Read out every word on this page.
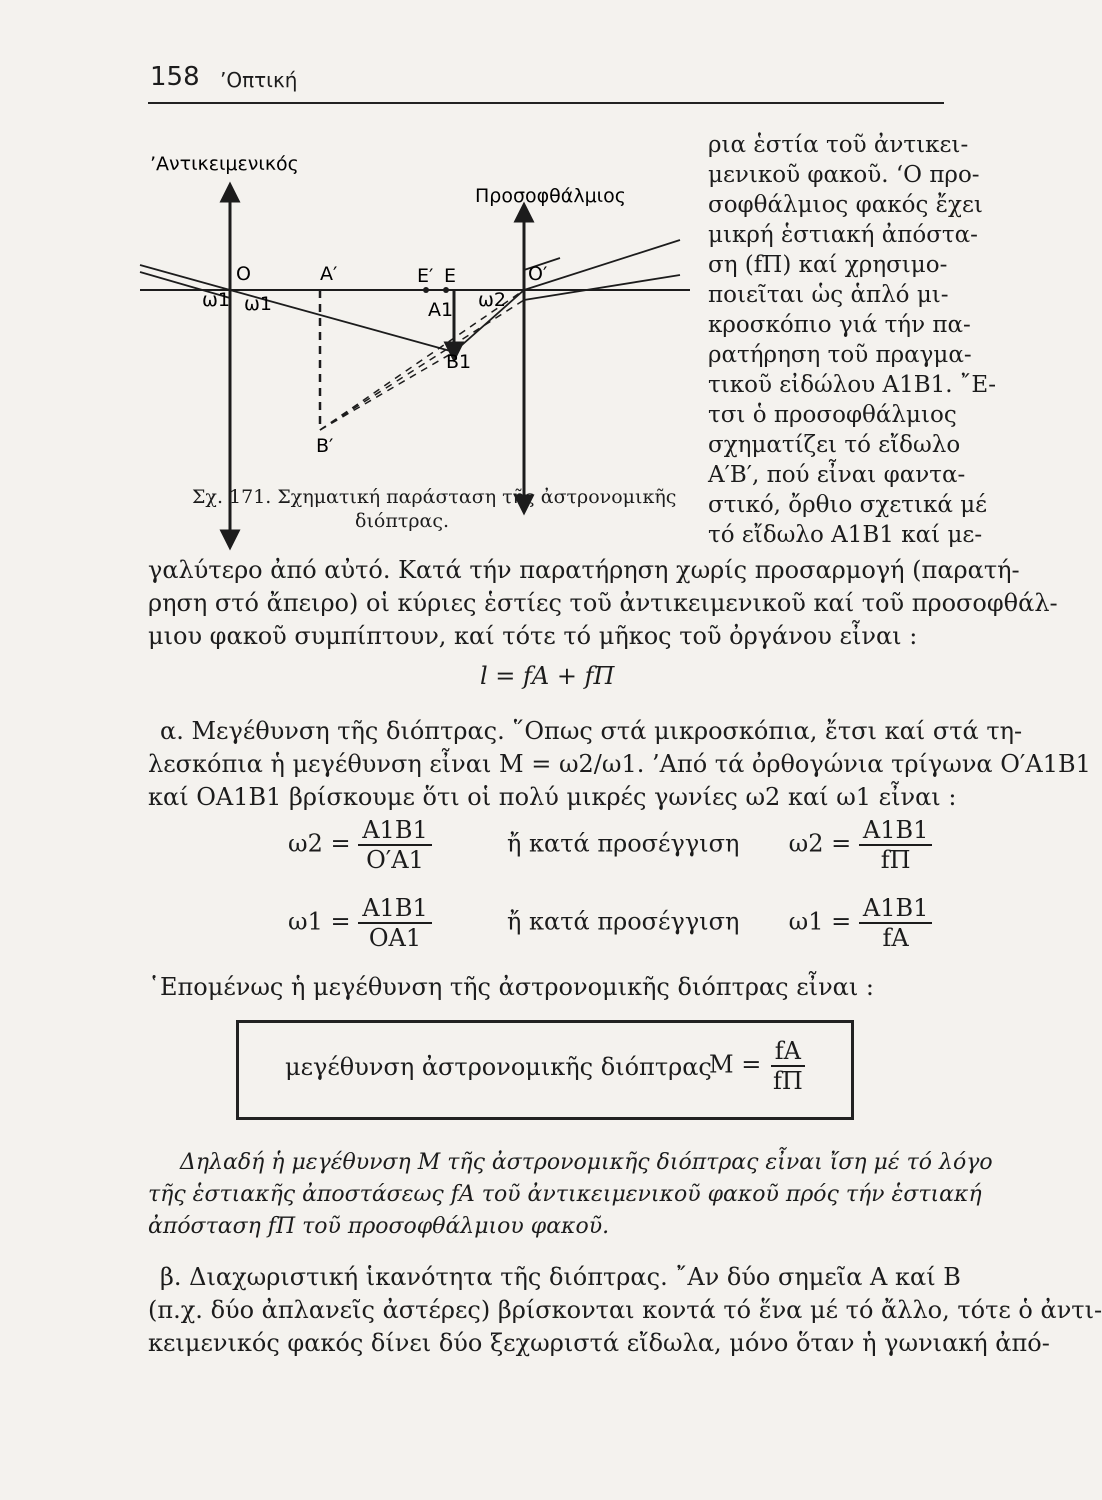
158 ’Οπτική
’Αντικειμενικός
Προσοφθάλμιος
O	A′	E′ E	O′
A1
B1
B′
ω1 ω1	ω2
Σχ. 171. Σχηματική παράσταση τῆς ἀστρονομικῆς
διόπτρας.
ρια ἑστία τοῦ ἀντικει-
μενικοῦ φακοῦ. ‘Ο προ-
σοφθάλμιος φακός ἔχει
μικρή ἑστιακή ἀπόστα-
ση (fΠ) καί χρησιμο-
ποιεῖται ὡς ἁπλό μι-
κροσκόπιο γιά τήν πα-
ρατήρηση τοῦ πραγμα-
τικοῦ εἰδώλου A1B1. ῎Ε-
τσι ὁ προσοφθάλμιος
σχηματίζει τό εἴδωλο
A′B′, πού εἶναι φαντα-
στικό, ὄρθιο σχετικά μέ
τό εἴδωλο A1B1 καί με-
γαλύτερο ἀπό αὐτό. Κατά τήν παρατήρηση χωρίς προσαρμογή (παρατή-
ρηση στό ἄπειρο) οἱ κύριες ἑστίες τοῦ ἀντικειμενικοῦ καί τοῦ προσοφθάλ-
μιου φακοῦ συμπίπτουν, καί τότε τό μῆκος τοῦ ὀργάνου εἶναι :
l = fA + fΠ
α. Μεγέθυνση τῆς διόπτρας. ῞Οπως στά μικροσκόπια, ἔτσι καί στά τη-
λεσκόπια ἡ μεγέθυνση εἶναι M = ω2/ω1. ’Από τά ὀρθογώνια τρίγωνα O′A1B1
καί OA1B1 βρίσκουμε ὅτι οἱ πολύ μικρές γωνίες ω2 καί ω1 εἶναι :
$\omega 2 = \frac{A1B1}{O'A1}$	ἤ κατά προσέγγιση $\omega 2 = \frac{A1B1}{f\Pi}$
$\omega 1 = \frac{A1B1}{OA1}$	ἤ κατά προσέγγιση $\omega 1 = \frac{A1B1}{fA}$
῾Επομένως ἡ μεγέθυνση τῆς ἀστρονομικῆς διόπτρας εἶναι :
μεγέθυνση ἀστρονομικῆς διόπτρας
$M = \frac{fA}{f\Pi}$
Δηλαδή ἡ μεγέθυνση M τῆς ἀστρονομικῆς διόπτρας εἶναι ἴση μέ τό λόγο
τῆς ἑστιακῆς ἀποστάσεως fA τοῦ ἀντικειμενικοῦ φακοῦ πρός τήν ἑστιακή
ἀπόσταση fΠ τοῦ προσοφθάλμιου φακοῦ.
β. Διαχωριστική ἱκανότητα τῆς διόπτρας. ῎Αν δύο σημεῖα A καί B
(π.χ. δύο ἀπλανεῖς ἀστέρες) βρίσκονται κοντά τό ἕνα μέ τό ἄλλο, τότε ὁ ἀντι-
κειμενικός φακός δίνει δύο ξεχωριστά εἴδωλα, μόνο ὅταν ἡ γωνιακή ἀπό-
